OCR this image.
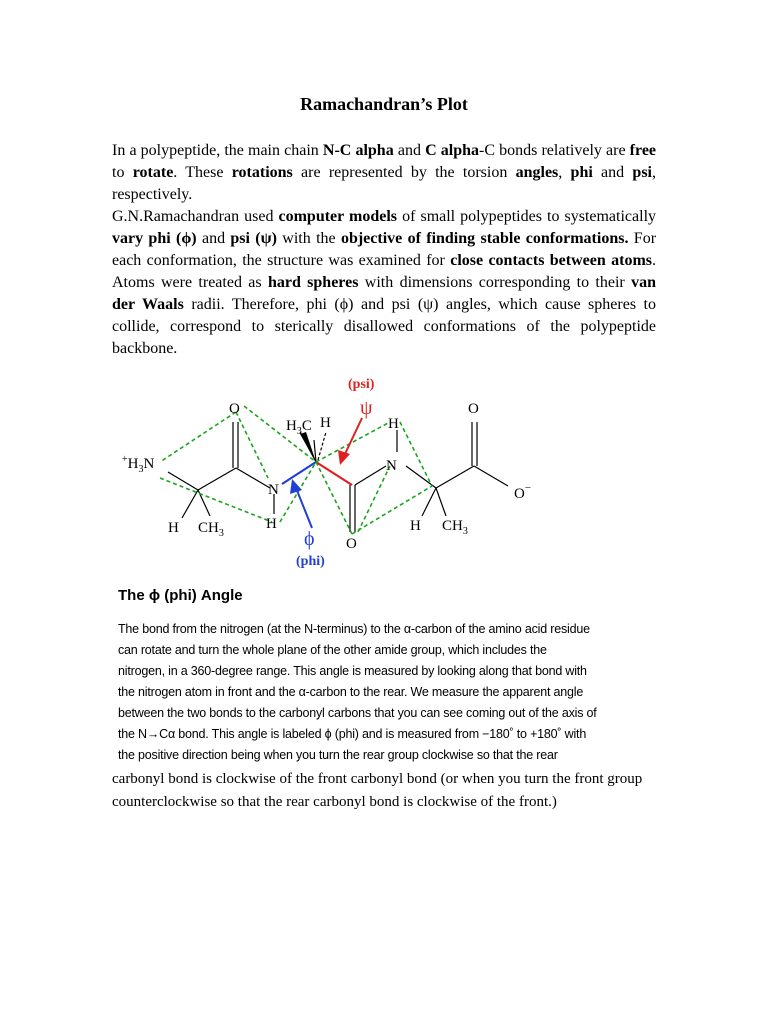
Ramachandran’s Plot

In a polypeptide, the main chain N-C alpha and C alpha-C bonds relatively are free to rotate. These rotations are represented by the torsion angles, phi and psi, respectively.

G.N.Ramachandran used computer models of small polypeptides to systematically vary phi (ϕ) and psi (ψ) with the objective of finding stable conformations. For each conformation, the structure was examined for close contacts between atoms. Atoms were treated as hard spheres with dimensions corresponding to their van der Waals radii. Therefore, phi (ϕ) and psi (ψ) angles, which cause spheres to collide, correspond to sterically disallowed conformations of the polypeptide backbone.

(psi)
ψ
ϕ
(phi)
O	O
O
O−
$^+H_3N$
N
N
H $CH_3$
H
$H_3C$ H	H
H $CH_3$
The ϕ (phi) Angle
The bond from the nitrogen (at the N-terminus) to the α-carbon of the amino acid residue
can rotate and turn the whole plane of the other amide group, which includes the
nitrogen, in a 360-degree range. This angle is measured by looking along that bond with
the nitrogen atom in front and the α-carbon to the rear. We measure the apparent angle
between the two bonds to the carbonyl carbons that you can see coming out of the axis of
the N→Cα bond. This angle is labeled ϕ (phi) and is measured from −180˚ to +180˚ with
the positive direction being when you turn the rear group clockwise so that the rear
carbonyl bond is clockwise of the front carbonyl bond (or when you turn the front group
counterclockwise so that the rear carbonyl bond is clockwise of the front.)
